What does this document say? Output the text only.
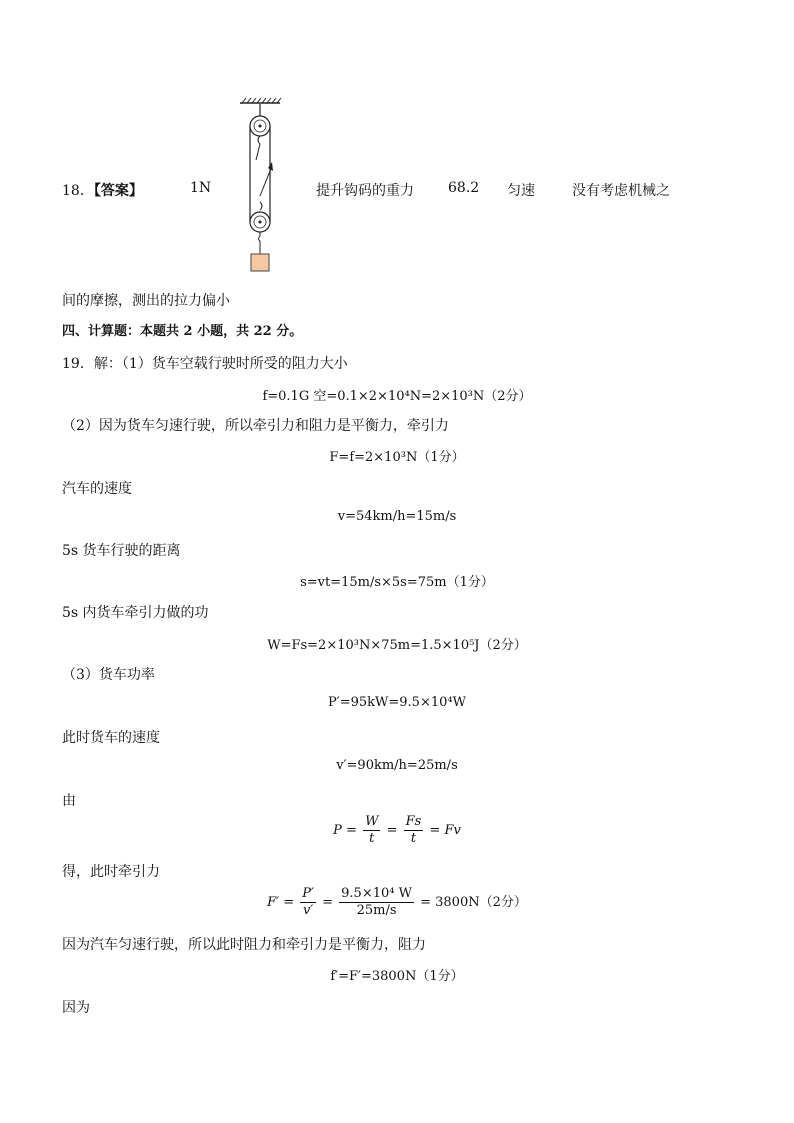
18．【答案】	1N	提升钩码的重力 68.2 匀速	没有考虑机械之
间的摩擦，测出的拉力偏小
四、计算题：本题共 2 小题，共 22 分。
19．解：（1）货车空载行驶时所受的阻力大小
f=0.1G 空=0.1×2×10⁴N=2×10³N（2分）
（2）因为货车匀速行驶，所以牵引力和阻力是平衡力，牵引力
F=f=2×10³N（1分）
汽车的速度
v=54km/h=15m/s
5s 货车行驶的距离
s=vt=15m/s×5s=75m（1分）
5s 内货车牵引力做的功
W=Fs=2×10³N×75m=1.5×10⁵J（2分）
（3）货车功率
P′=95kW=9.5×10⁴W
此时货车的速度
v′=90km/h=25m/s
由
$P = \frac{W}{t} = \frac{Fs}{t} = Fv$
得，此时牵引力
$F' = \frac{P'}{v'} = \frac{\text{9.5×10⁴ W}}{25m/s} = 3800N(2$分）
因为汽车匀速行驶，所以此时阻力和牵引力是平衡力，阻力
f′=F′=3800N（1分）
因为
